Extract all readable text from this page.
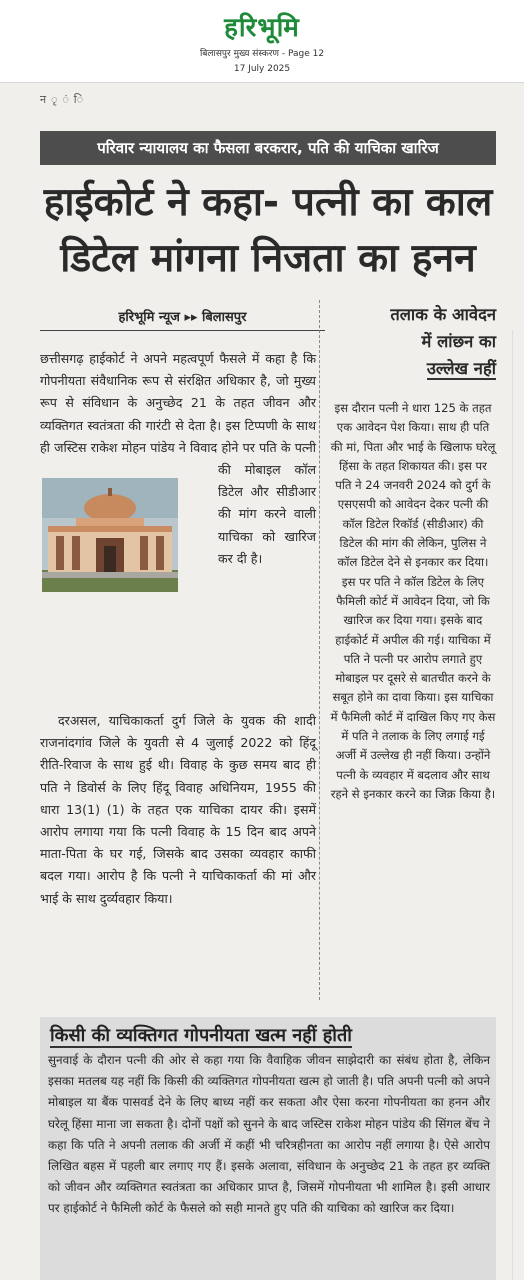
हरिभूमि
बिलासपुर मुख्य संस्करण - Page 12
17 July 2025
न ृ ं ि
परिवार न्यायालय का फैसला बरकरार, पति की याचिका खारिज
हाईकोर्ट ने कहा- पत्नी का काल
डिटेल मांगना निजता का हनन
हरिभूमि न्यूज ▸▸ बिलासपुर
छत्तीसगढ़ हाईकोर्ट ने अपने महत्वपूर्ण फैसले में कहा है कि गोपनीयता संवैधानिक रूप से संरक्षित अधिकार है, जो मुख्य रूप से संविधान के अनुच्छेद 21 के तहत जीवन और व्यक्तिगत स्वतंत्रता की गारंटी से देता है। इस टिप्पणी के साथ ही जस्टिस राकेश मोहन पांडेय ने विवाद होने पर पति के पत्नी की मोबाइल कॉल डिटेल और सीडीआर की मांग करने वाली याचिका को खारिज कर दी है।
दरअसल, याचिकाकर्ता दुर्ग जिले के युवक की शादी राजनांदगांव जिले के युवती से 4 जुलाई 2022 को हिंदू रीति-रिवाज के साथ हुई थी। विवाह के कुछ समय बाद ही पति ने डिवोर्स के लिए हिंदू विवाह अधिनियम, 1955 की धारा 13(1) (1) के तहत एक याचिका दायर की। इसमें आरोप लगाया गया कि पत्नी विवाह के 15 दिन बाद अपने माता-पिता के घर गई, जिसके बाद उसका व्यवहार काफी बदल गया। आरोप है कि पत्नी ने याचिकाकर्ता की मां और भाई के साथ दुर्व्यवहार किया।
तलाक के आवेदन
में लांछन का
उल्लेख नहीं
इस दौरान पत्नी ने धारा 125 के तहत एक आवेदन पेश किया। साथ ही पति की मां, पिता और भाई के खिलाफ घरेलू हिंसा के तहत शिकायत की। इस पर पति ने 24 जनवरी 2024 को दुर्ग के एसएसपी को आवेदन देकर पत्नी की कॉल डिटेल रिकॉर्ड (सीडीआर) की डिटेल की मांग की लेकिन, पुलिस ने कॉल डिटेल देने से इनकार कर दिया। इस पर पति ने कॉल डिटेल के लिए फैमिली कोर्ट में आवेदन दिया, जो कि खारिज कर दिया गया। इसके बाद हाईकोर्ट में अपील की गई। याचिका में पति ने पत्नी पर आरोप लगाते हुए मोबाइल पर दूसरे से बातचीत करने के सबूत होने का दावा किया। इस याचिका में फैमिली कोर्ट में दाखिल किए गए केस में पति ने तलाक के लिए लगाई गई अर्जी में उल्लेख ही नहीं किया। उन्होंने पत्नी के व्यवहार में बदलाव और साथ रहने से इनकार करने का जिक्र किया है।
किसी की व्यक्तिगत गोपनीयता खत्म नहीं होती
सुनवाई के दौरान पत्नी की ओर से कहा गया कि वैवाहिक जीवन साझेदारी का संबंध होता है, लेकिन इसका मतलब यह नहीं कि किसी की व्यक्तिगत गोपनीयता खत्म हो जाती है। पति अपनी पत्नी को अपने मोबाइल या बैंक पासवर्ड देने के लिए बाध्य नहीं कर सकता और ऐसा करना गोपनीयता का हनन और घरेलू हिंसा माना जा सकता है। दोनों पक्षों को सुनने के बाद जस्टिस राकेश मोहन पांडेय की सिंगल बेंच ने कहा कि पति ने अपनी तलाक की अर्जी में कहीं भी चरित्रहीनता का आरोप नहीं लगाया है। ऐसे आरोप लिखित बहस में पहली बार लगाए गए हैं। इसके अलावा, संविधान के अनुच्छेद 21 के तहत हर व्यक्ति को जीवन और व्यक्तिगत स्वतंत्रता का अधिकार प्राप्त है, जिसमें गोपनीयता भी शामिल है। इसी आधार पर हाईकोर्ट ने फैमिली कोर्ट के फैसले को सही मानते हुए पति की याचिका को खारिज कर दिया।
